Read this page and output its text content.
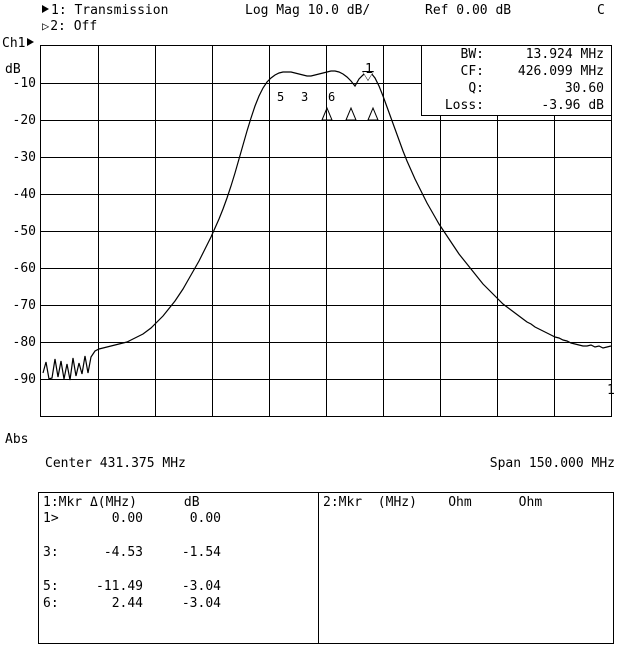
1: Transmission
▷2: Off
Log Mag 10.0 dB/	Ref 0.00 dB	C
Ch1
dB
Abs
-10
-20
-30
-40
-50
-60
-70
-80
-90
1
5 3 6
1
BW:	13.924 MHz
CF:	426.099 MHz
Q:	30.60
Loss:	-3.96 dB
Center 431.375 MHz	Span 150.000 MHz
1:Mkr Δ(MHz)      dB
1>	0.00	0.00
3:	-4.53	-1.54
5:	-11.49	-3.04
6:	2.44	-3.04
2:Mkr  (MHz)    Ohm      Ohm
